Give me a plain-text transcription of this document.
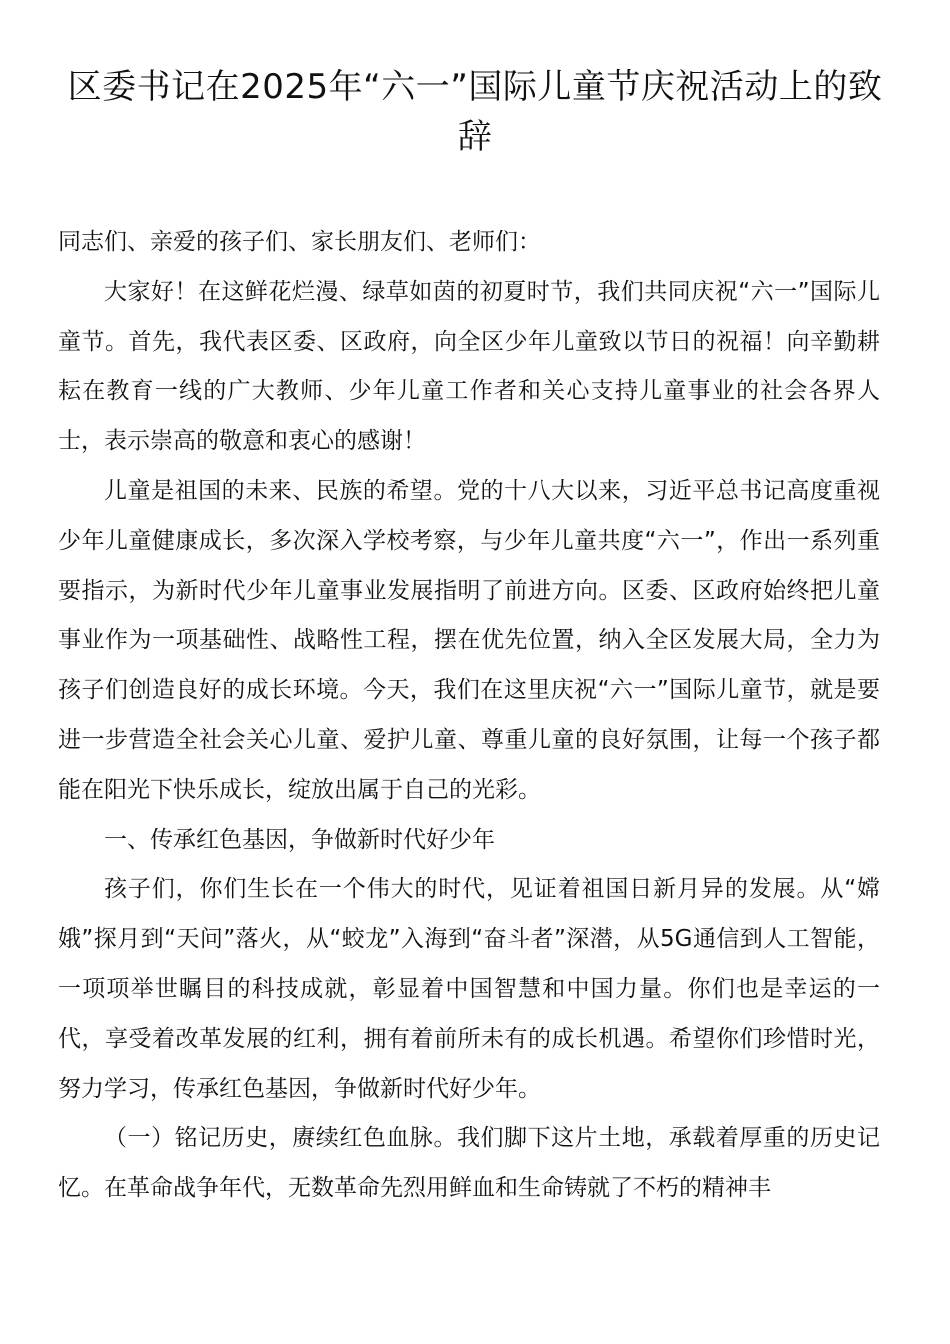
区委书记在2025年“六一”国际儿童节庆祝活动上的致辞

同志们、亲爱的孩子们、家长朋友们、老师们：

大家好！在这鲜花烂漫、绿草如茵的初夏时节，我们共同庆祝“六一”国际儿童节。首先，我代表区委、区政府，向全区少年儿童致以节日的祝福！向辛勤耕耘在教育一线的广大教师、少年儿童工作者和关心支持儿童事业的社会各界人士，表示崇高的敬意和衷心的感谢！

儿童是祖国的未来、民族的希望。党的十八大以来，习近平总书记高度重视少年儿童健康成长，多次深入学校考察，与少年儿童共度“六一”，作出一系列重要指示，为新时代少年儿童事业发展指明了前进方向。区委、区政府始终把儿童事业作为一项基础性、战略性工程，摆在优先位置，纳入全区发展大局，全力为孩子们创造良好的成长环境。今天，我们在这里庆祝“六一”国际儿童节，就是要进一步营造全社会关心儿童、爱护儿童、尊重儿童的良好氛围，让每一个孩子都能在阳光下快乐成长，绽放出属于自己的光彩。

一、传承红色基因，争做新时代好少年

孩子们，你们生长在一个伟大的时代，见证着祖国日新月异的发展。从“嫦娥”探月到“天问”落火，从“蛟龙”入海到“奋斗者”深潜，从5G通信到人工智能，一项项举世瞩目的科技成就，彰显着中国智慧和中国力量。你们也是幸运的一代，享受着改革发展的红利，拥有着前所未有的成长机遇。希望你们珍惜时光，努力学习，传承红色基因，争做新时代好少年。

（一）铭记历史，赓续红色血脉。我们脚下这片土地，承载着厚重的历史记忆。在革命战争年代，无数革命先烈用鲜血和生命铸就了不朽的精神丰
